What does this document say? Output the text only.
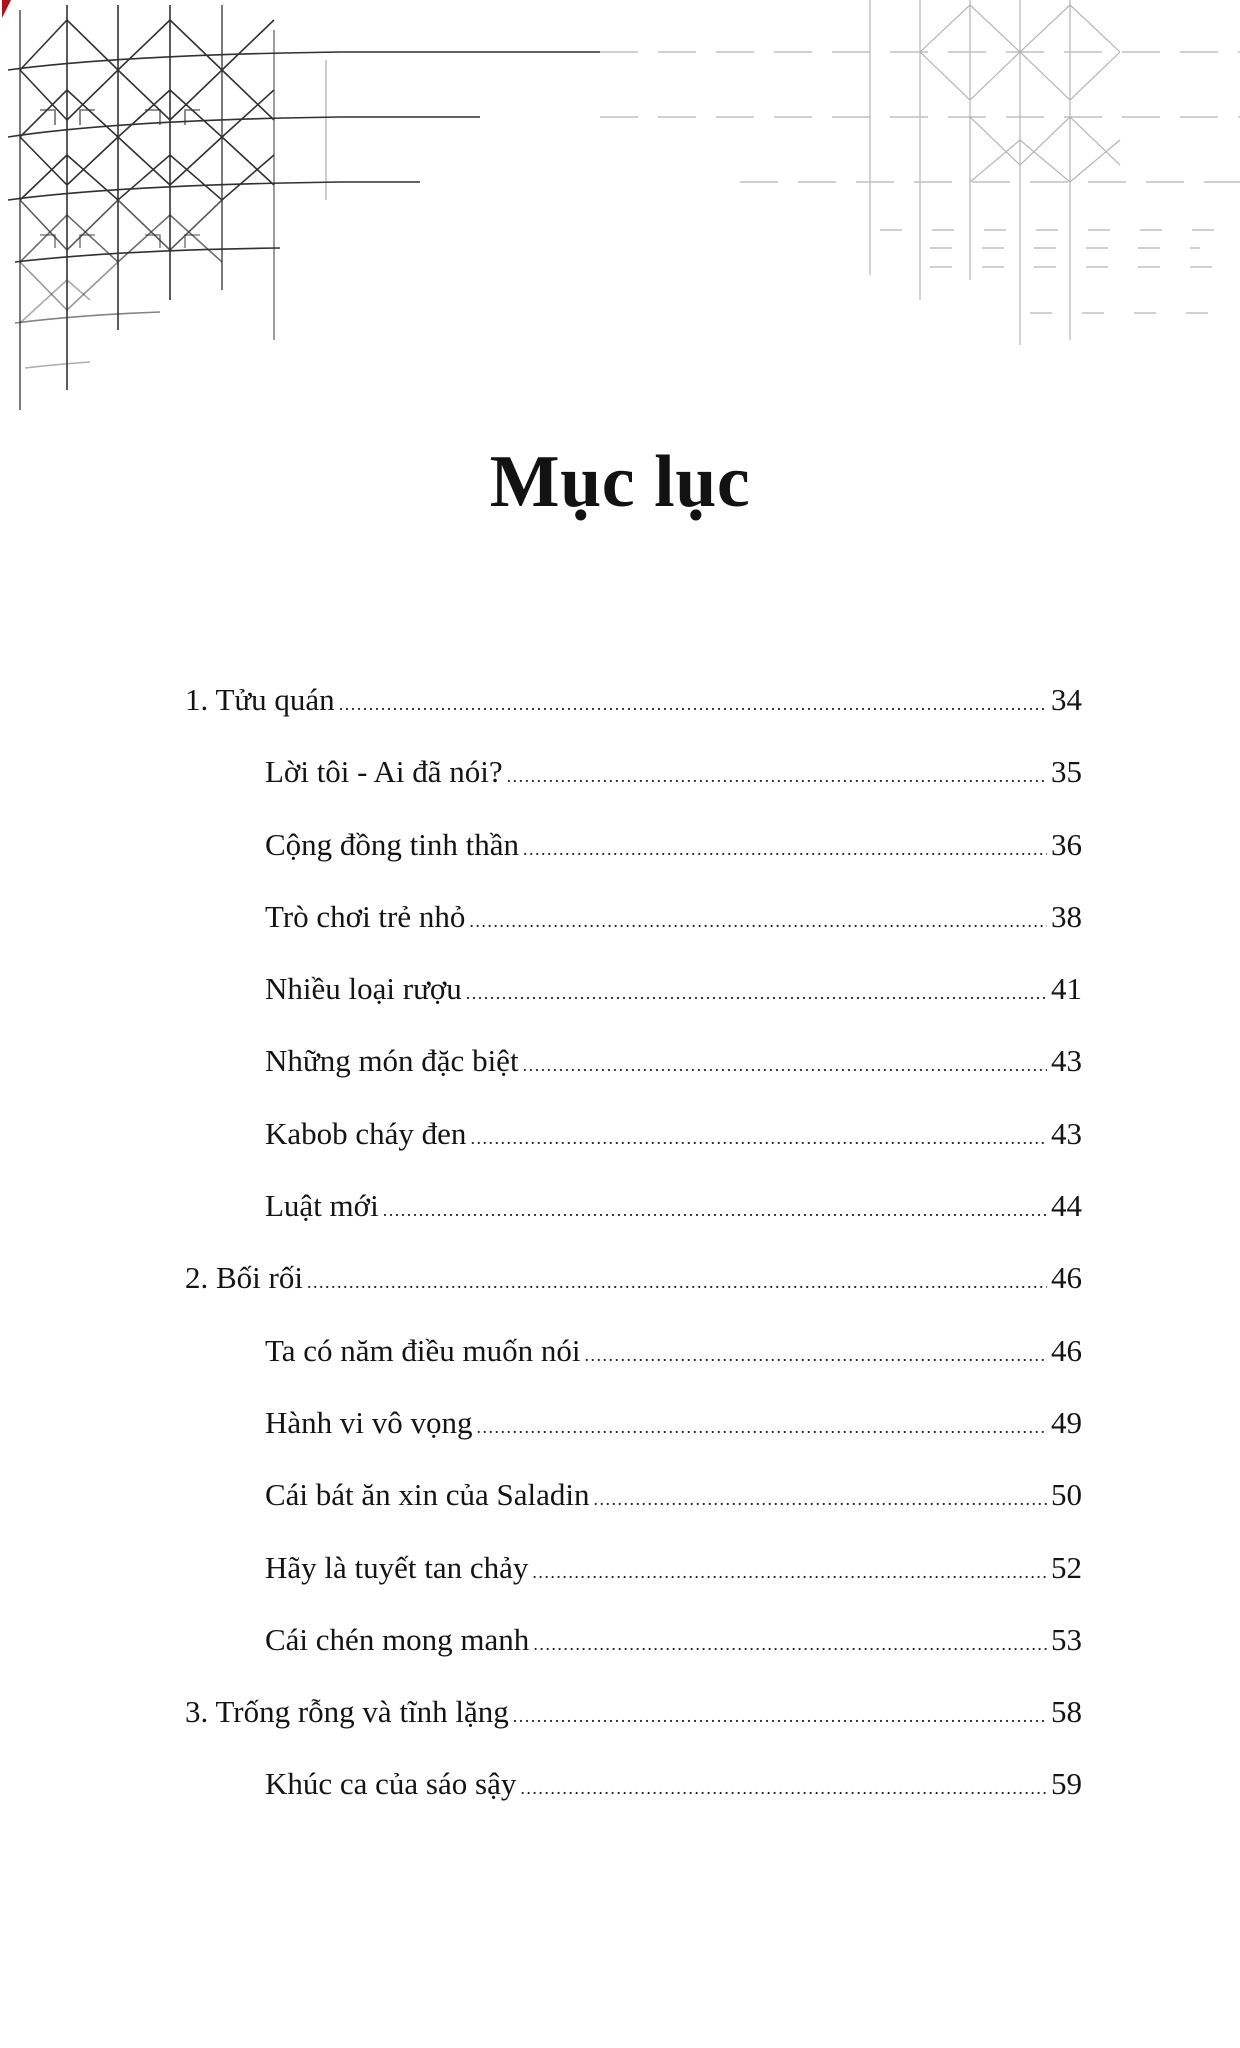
Mục lục
1. Tửu quán .....	34
Lời tôi - Ai đã nói? .....	35
Cộng đồng tinh thần .....	36
Trò chơi trẻ nhỏ .....	38
Nhiều loại rượu .....	41
Những món đặc biệt .....	43
Kabob cháy đen .....	43
Luật mới .....	44
2. Bối rối .....	46
Ta có năm điều muốn nói .....	46
Hành vi vô vọng .....	49
Cái bát ăn xin của Saladin .....	50
Hãy là tuyết tan chảy .....	52
Cái chén mong manh .....	53
3. Trống rỗng và tĩnh lặng .....	58
Khúc ca của sáo sậy .....	59
